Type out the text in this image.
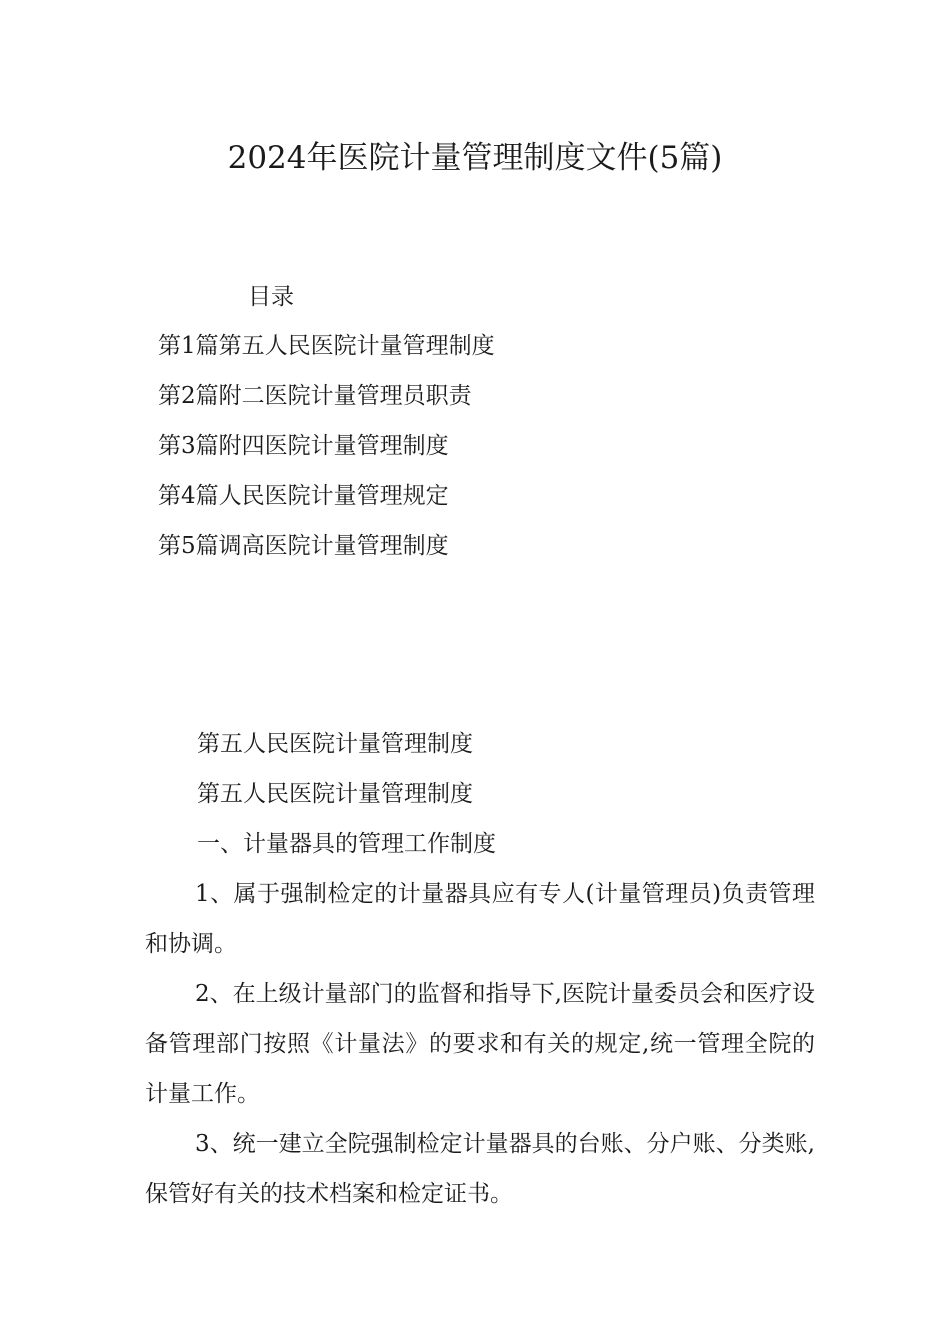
2024年医院计量管理制度文件(5篇)
目录
第1篇第五人民医院计量管理制度
第2篇附二医院计量管理员职责
第3篇附四医院计量管理制度
第4篇人民医院计量管理规定
第5篇调高医院计量管理制度
第五人民医院计量管理制度
第五人民医院计量管理制度
一、计量器具的管理工作制度

1、属于强制检定的计量器具应有专人(计量管理员)负责管理和协调。

2、在上级计量部门的监督和指导下,医院计量委员会和医疗设备管理部门按照《计量法》的要求和有关的规定,统一管理全院的计量工作。

3、统一建立全院强制检定计量器具的台账、分户账、分类账,保管好有关的技术档案和检定证书。
